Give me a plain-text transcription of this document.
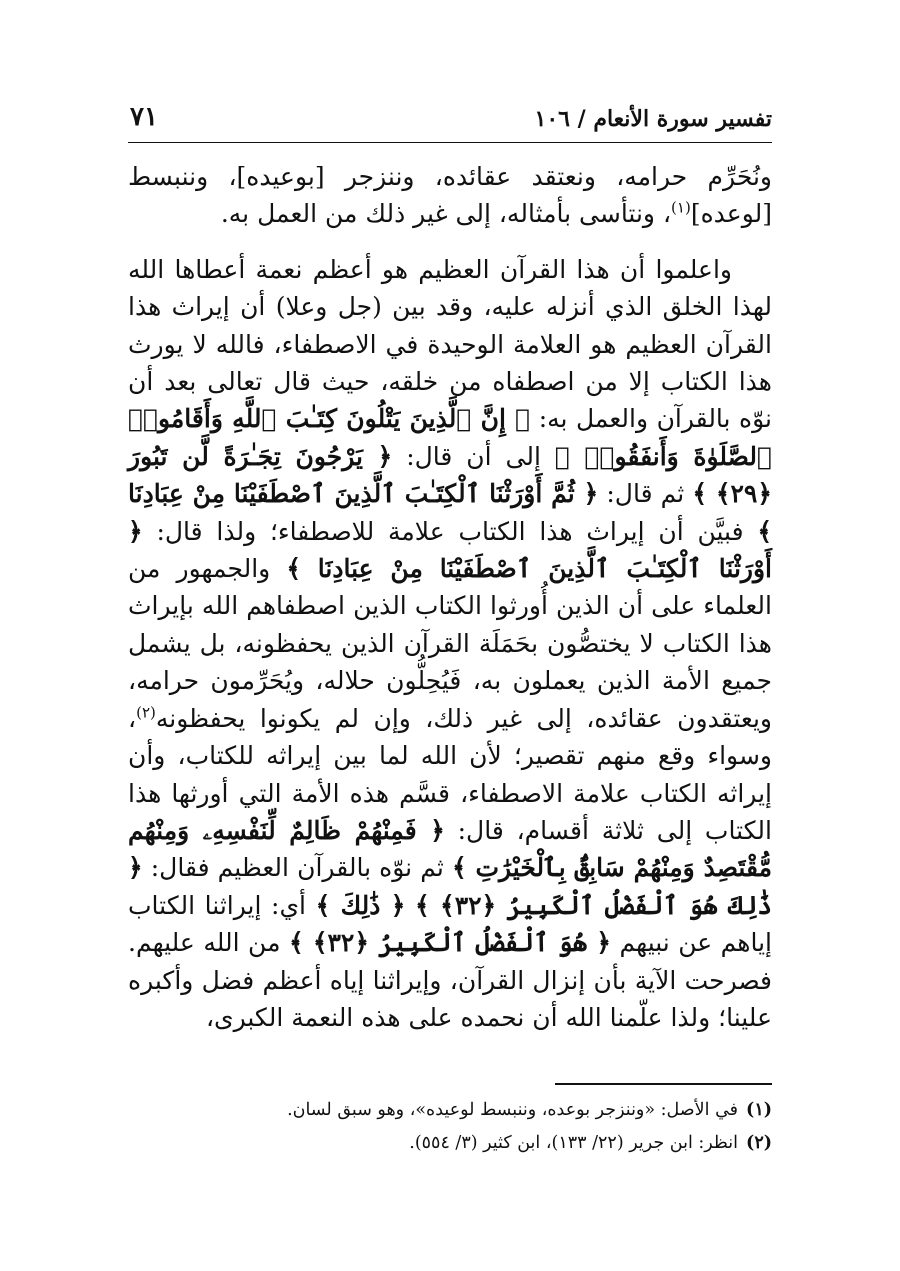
تفسير سورة الأنعام / ١٠٦
٧١

ونُحَرِّم حرامه، ونعتقد عقائده، وننزجر [بوعيده]، وننبسط [لوعده]$^{(١)}$، ونتأسى بأمثاله، إلى غير ذلك من العمل به.

واعلموا أن هذا القرآن العظيم هو أعظم نعمة أعطاها الله لهذا الخلق الذي أنزله عليه، وقد بين (جل وعلا) أن إيراث هذا القرآن العظيم هو العلامة الوحيدة في الاصطفاء، فالله لا يورث هذا الكتاب إلا من اصطفاه من خلقه، حيث قال تعالى بعد أن نوّه بالقرآن والعمل به: ﴿ إِنَّ ٱلَّذِينَ يَتْلُونَ كِتَـٰبَ ٱللَّهِ وَأَقَامُوا۟ ٱلصَّلَوٰةَ وَأَنفَقُوا۟ ﴾ إلى أن قال: ﴿ يَرْجُونَ تِجَـٰرَةً لَّن تَبُورَ ﴿٢٩﴾ ﴾ ثم قال: ﴿ ثُمَّ أَوْرَثْنَا ٱلْكِتَـٰبَ ٱلَّذِينَ ٱصْطَفَيْنَا مِنْ عِبَادِنَا ﴾ فبيَّن أن إيراث هذا الكتاب علامة للاصطفاء؛ ولذا قال: ﴿ أَوْرَثْنَا ٱلْكِتَـٰبَ ٱلَّذِينَ ٱصْطَفَيْنَا مِنْ عِبَادِنَا ﴾ والجمهور من العلماء على أن الذين أُورثوا الكتاب الذين اصطفاهم الله بإيراث هذا الكتاب لا يختصُّون بحَمَلَة القرآن الذين يحفظونه، بل يشمل جميع الأمة الذين يعملون به، فَيُحِلُّون حلاله، ويُحَرِّمون حرامه، ويعتقدون عقائده، إلى غير ذلك، وإن لم يكونوا يحفظونه$^{(٢)}$، وسواء وقع منهم تقصير؛ لأن الله لما بين إيراثه للكتاب، وأن إيراثه الكتاب علامة الاصطفاء، قسَّم هذه الأمة التي أورثها هذا الكتاب إلى ثلاثة أقسام، قال: ﴿ فَمِنْهُمْ ظَالِمٌ لِّنَفْسِهِۦ وَمِنْهُم مُّقْتَصِدٌ وَمِنْهُمْ سَابِقٌۢ بِٱلْخَيْرَٰتِ ﴾ ثم نوّه بالقرآن العظيم فقال: ﴿ ذَٰلِكَ هُوَ ٱلْفَضْلُ ٱلْكَبِيرُ ﴿٣٢﴾ ﴾ ﴿ ذَٰلِكَ ﴾ أي: إيراثنا الكتاب إياهم عن نبيهم ﴿ هُوَ ٱلْفَضْلُ ٱلْكَبِيرُ ﴿٣٢﴾ ﴾ من الله عليهم. فصرحت الآية بأن إنزال القرآن، وإيراثنا إياه أعظم فضل وأكبره علينا؛ ولذا علّمنا الله أن نحمده على هذه النعمة الكبرى،

(١)في الأصل: «وننزجر بوعده، وننبسط لوعيده»، وهو سبق لسان.

(٢)انظر: ابن جرير (٢٢/ ١٣٣)، ابن كثير (٣/ ٥٥٤).
